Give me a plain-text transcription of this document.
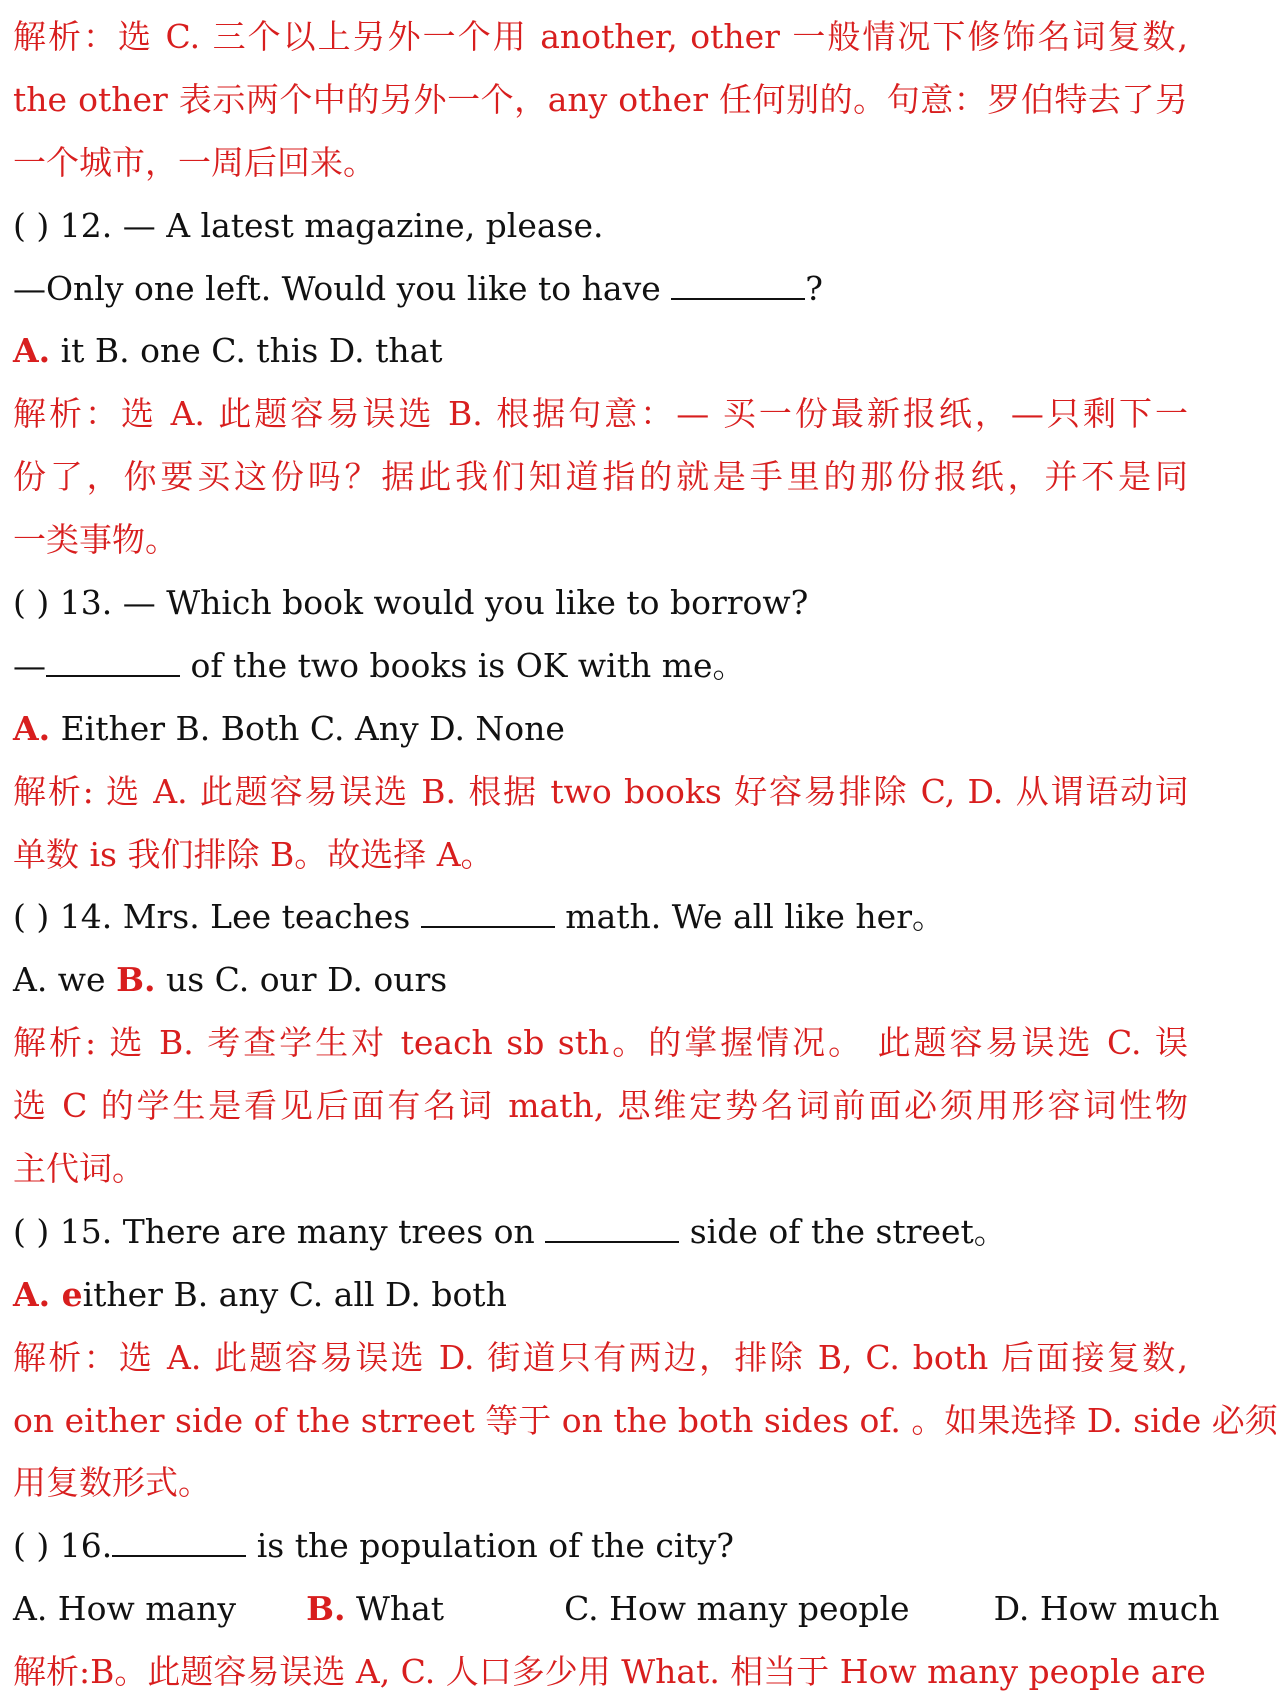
解析：选 C. 三个以上另外一个用 another, other 一般情况下修饰名词复数,
the other 表示两个中的另外一个，any other 任何别的。句意：罗伯特去了另
一个城市，一周后回来。
( ) 12. — A latest magazine, please.
—Only one left. Would you like to have	?
A. it B. one C. this D. that
解析：选 A. 此题容易误选 B. 根据句意：— 买一份最新报纸，—只剩下一
份了，你要买这份吗？据此我们知道指的就是手里的那份报纸，并不是同
一类事物。
( ) 13. — Which book would you like to borrow?
—	of the two books is OK with me。
A. Either B. Both C. Any D. None
解析: 选 A. 此题容易误选 B. 根据 two books 好容易排除 C, D. 从谓语动词
单数 is 我们排除 B。故选择 A。
( ) 14. Mrs. Lee teaches	math. We all like her。
A. we B. us C. our D. ours
解析: 选 B. 考查学生对 teach sb sth。的掌握情况。 此题容易误选 C. 误
选 C 的学生是看见后面有名词 math, 思维定势名词前面必须用形容词性物
主代词。
( ) 15. There are many trees on	side of the street。
A. either B. any C. all D. both
解析：选 A. 此题容易误选 D. 街道只有两边，排除 B, C. both 后面接复数,
on either side of the strreet 等于 on the both sides of. 。如果选择 D. side 必须
用复数形式。
( ) 16.	is the population of the city?
A. How many B. What	C. How many people	D. How much
解析:B。此题容易误选 A, C. 人口多少用 What. 相当于 How many people are
